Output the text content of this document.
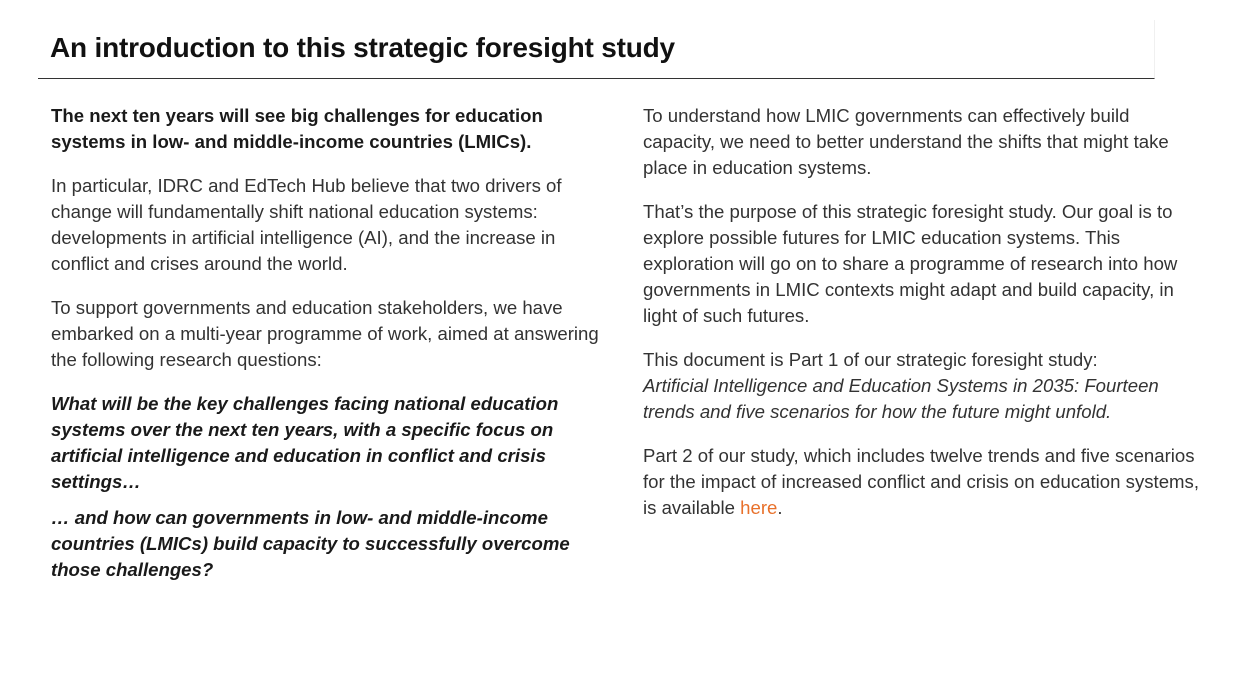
An introduction to this strategic foresight study

The next ten years will see big challenges for education systems in low- and middle-income countries (LMICs).

In particular, IDRC and EdTech Hub believe that two drivers of change will fundamentally shift national education systems: developments in artificial intelligence (AI), and the increase in conflict and crises around the world.

To support governments and education stakeholders, we have embarked on a multi-year programme of work, aimed at answering the following research questions:

What will be the key challenges facing national education systems over the next ten years, with a specific focus on artificial intelligence and education in conflict and crisis settings…

… and how can governments in low- and middle-income countries (LMICs) build capacity to successfully overcome those challenges?

To understand how LMIC governments can effectively build capacity, we need to better understand the shifts that might take place in education systems.

That’s the purpose of this strategic foresight study. Our goal is to explore possible futures for LMIC education systems. This exploration will go on to share a programme of research into how governments in LMIC contexts might adapt and build capacity, in light of such futures.

This document is Part 1 of our strategic foresight study:
Artificial Intelligence and Education Systems in 2035: Fourteen trends and five scenarios for how the future might unfold.

Part 2 of our study, which includes twelve trends and five scenarios for the impact of increased conflict and crisis on education systems, is available here.
